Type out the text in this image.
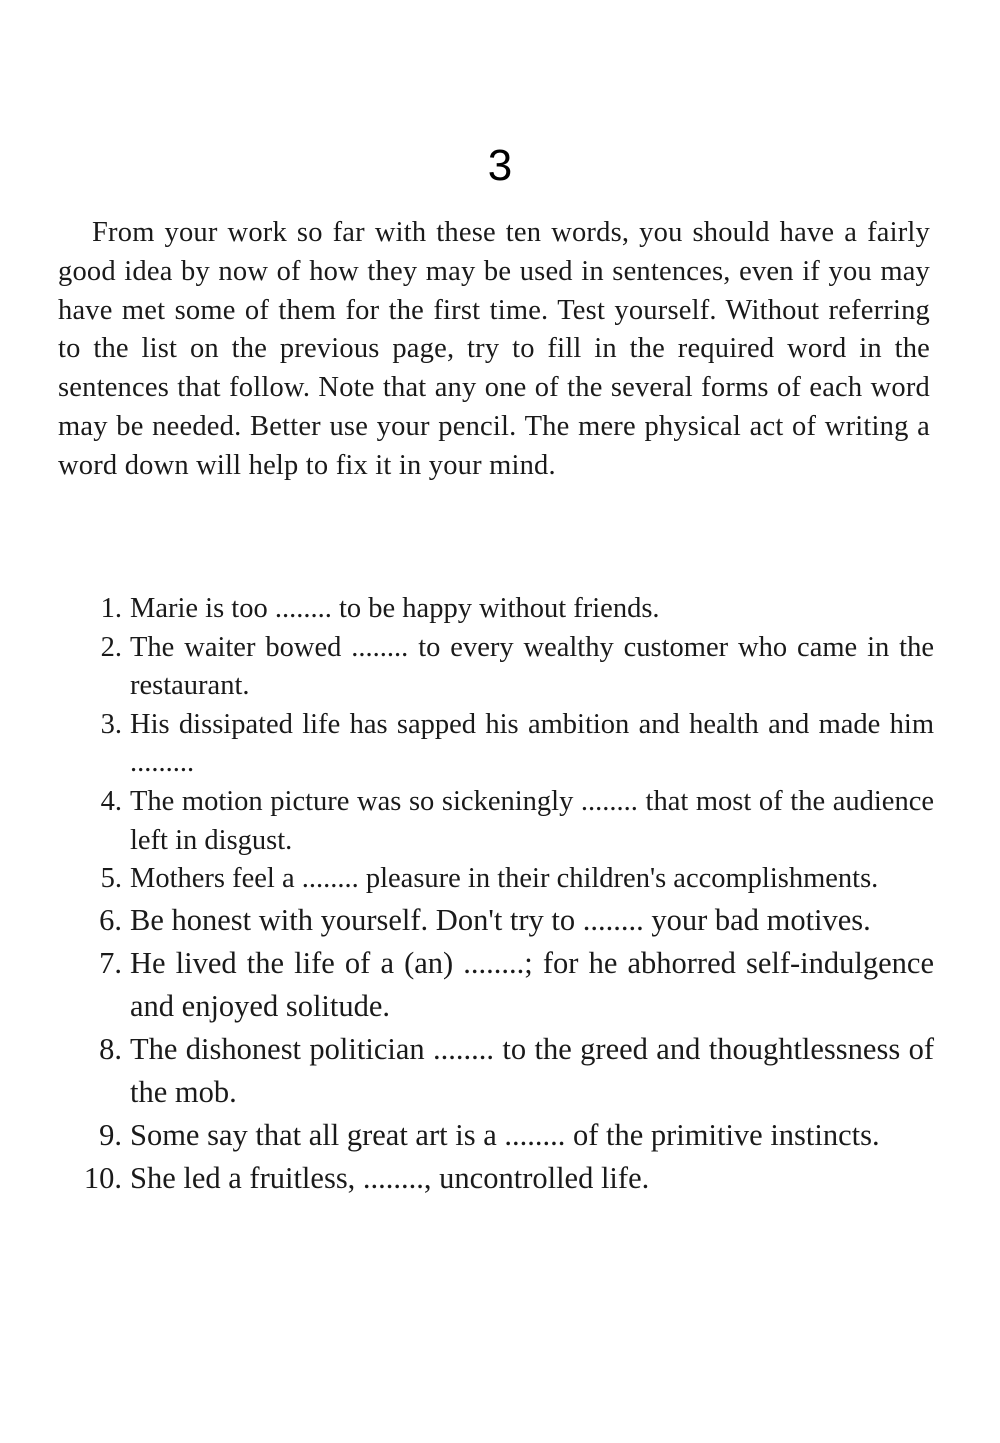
3

From your work so far with these ten words, you should have a fairly good idea by now of how they may be used in sentences, even if you may have met some of them for the first time. Test yourself. Without referring to the list on the previous page, try to fill in the required word in the sentences that follow. Note that any one of the several forms of each word may be needed. Better use your pencil. The mere physical act of writing a word down will help to fix it in your mind.

1. Marie is too ........ to be happy without friends.
2. The waiter bowed ........ to every wealthy customer who came in the restaurant.
3. His dissipated life has sapped his ambition and health and made him .........
4. The motion picture was so sickeningly ........ that most of the audience left in disgust.
5. Mothers feel a ........ pleasure in their children's accomplishments.
6. Be honest with yourself. Don't try to ........ your bad motives.
7. He lived the life of a (an) ........; for he abhorred self-indulgence and enjoyed solitude.
8. The dishonest politician ........ to the greed and thoughtlessness of the mob.
9. Some say that all great art is a ........ of the primitive instincts.
10. She led a fruitless, ........, uncontrolled life.
